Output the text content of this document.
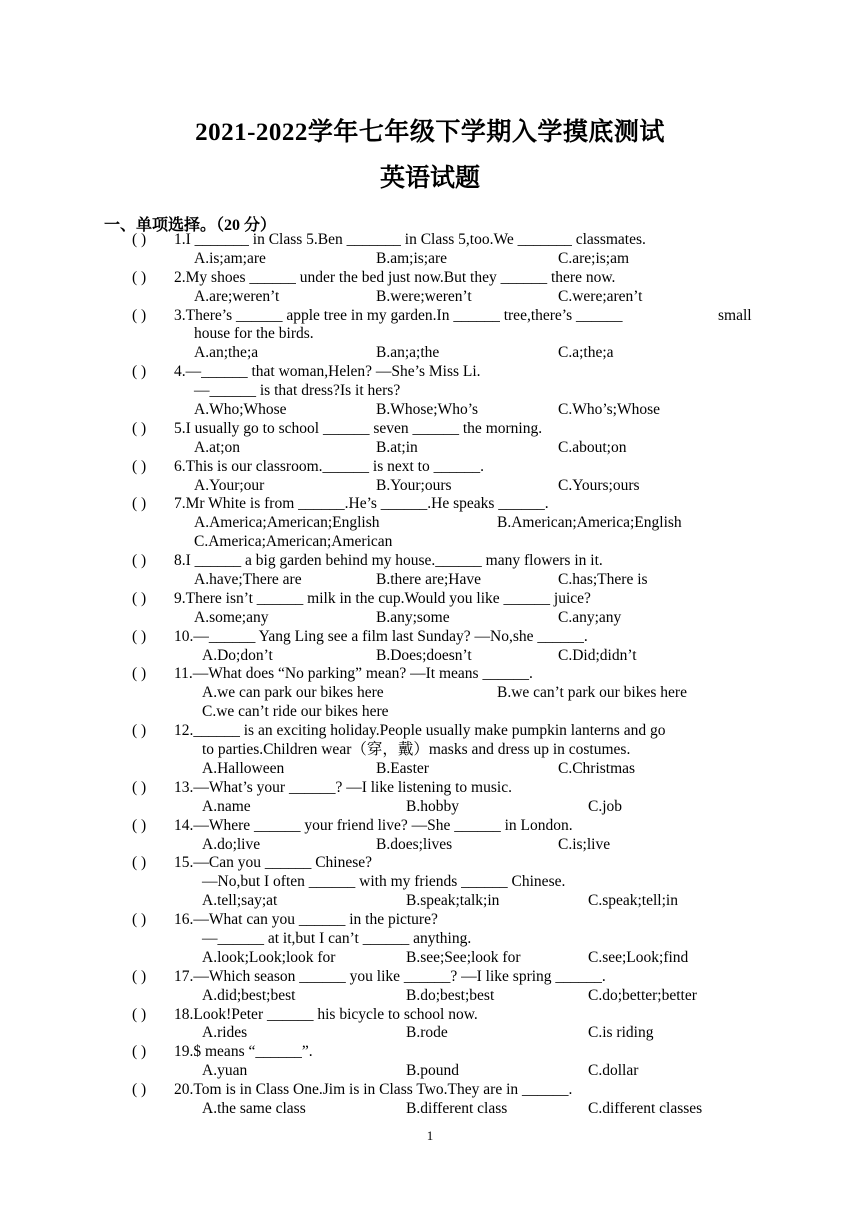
2021-2022学年七年级下学期入学摸底测试
英语试题
一、单项选择。（20 分）
( ) 1.I _______ in Class 5.Ben _______ in Class 5,too.We _______ classmates.
A.is;am;are	B.am;is;are	C.are;is;am
( ) 2.My shoes ______ under the bed just now.But they ______ there now.
A.are;weren’t	B.were;weren’t	C.were;aren’t
( ) 3.There’s ______ apple tree in my garden.In ______ tree,there’s ______	small
house for the birds.
A.an;the;a	B.an;a;the	C.a;the;a
( ) 4.—______ that woman,Helen? —She’s Miss Li.
—______ is that dress?Is it hers?
A.Who;Whose	B.Whose;Who’s	C.Who’s;Whose
( ) 5.I usually go to school ______ seven ______ the morning.
A.at;on	B.at;in	C.about;on
( ) 6.This is our classroom.______ is next to ______.
A.Your;our	B.Your;ours	C.Yours;ours
( ) 7.Mr White is from ______.He’s ______.He speaks ______.
A.America;American;English	B.American;America;English
C.America;American;American
( ) 8.I ______ a big garden behind my house.______ many flowers in it.
A.have;There are	B.there are;Have	C.has;There is
( ) 9.There isn’t ______ milk in the cup.Would you like ______ juice?
A.some;any	B.any;some	C.any;any
( ) 10.—______ Yang Ling see a film last Sunday? —No,she ______.
A.Do;don’t	B.Does;doesn’t	C.Did;didn’t
( ) 11.—What does “No parking” mean? —It means ______.
A.we can park our bikes here	B.we can’t park our bikes here
C.we can’t ride our bikes here
( ) 12.______ is an exciting holiday.People usually make pumpkin lanterns and go
to parties.Children wear（穿，戴）masks and dress up in costumes.
A.Halloween	B.Easter	C.Christmas
( ) 13.—What’s your ______? —I like listening to music.
A.name	B.hobby	C.job
( ) 14.—Where ______ your friend live? —She ______ in London.
A.do;live	B.does;lives	C.is;live
( ) 15.—Can you ______ Chinese?
—No,but I often ______ with my friends ______ Chinese.
A.tell;say;at	B.speak;talk;in	C.speak;tell;in
( ) 16.—What can you ______ in the picture?
—______ at it,but I can’t ______ anything.
A.look;Look;look for	B.see;See;look for	C.see;Look;find
( ) 17.—Which season ______ you like ______? —I like spring ______.
A.did;best;best	B.do;best;best	C.do;better;better
( ) 18.Look!Peter ______ his bicycle to school now.
A.rides	B.rode	C.is riding
( ) 19.$ means “______”.
A.yuan	B.pound	C.dollar
( ) 20.Tom is in Class One.Jim is in Class Two.They are in ______.
A.the same class	B.different class	C.different classes
1
